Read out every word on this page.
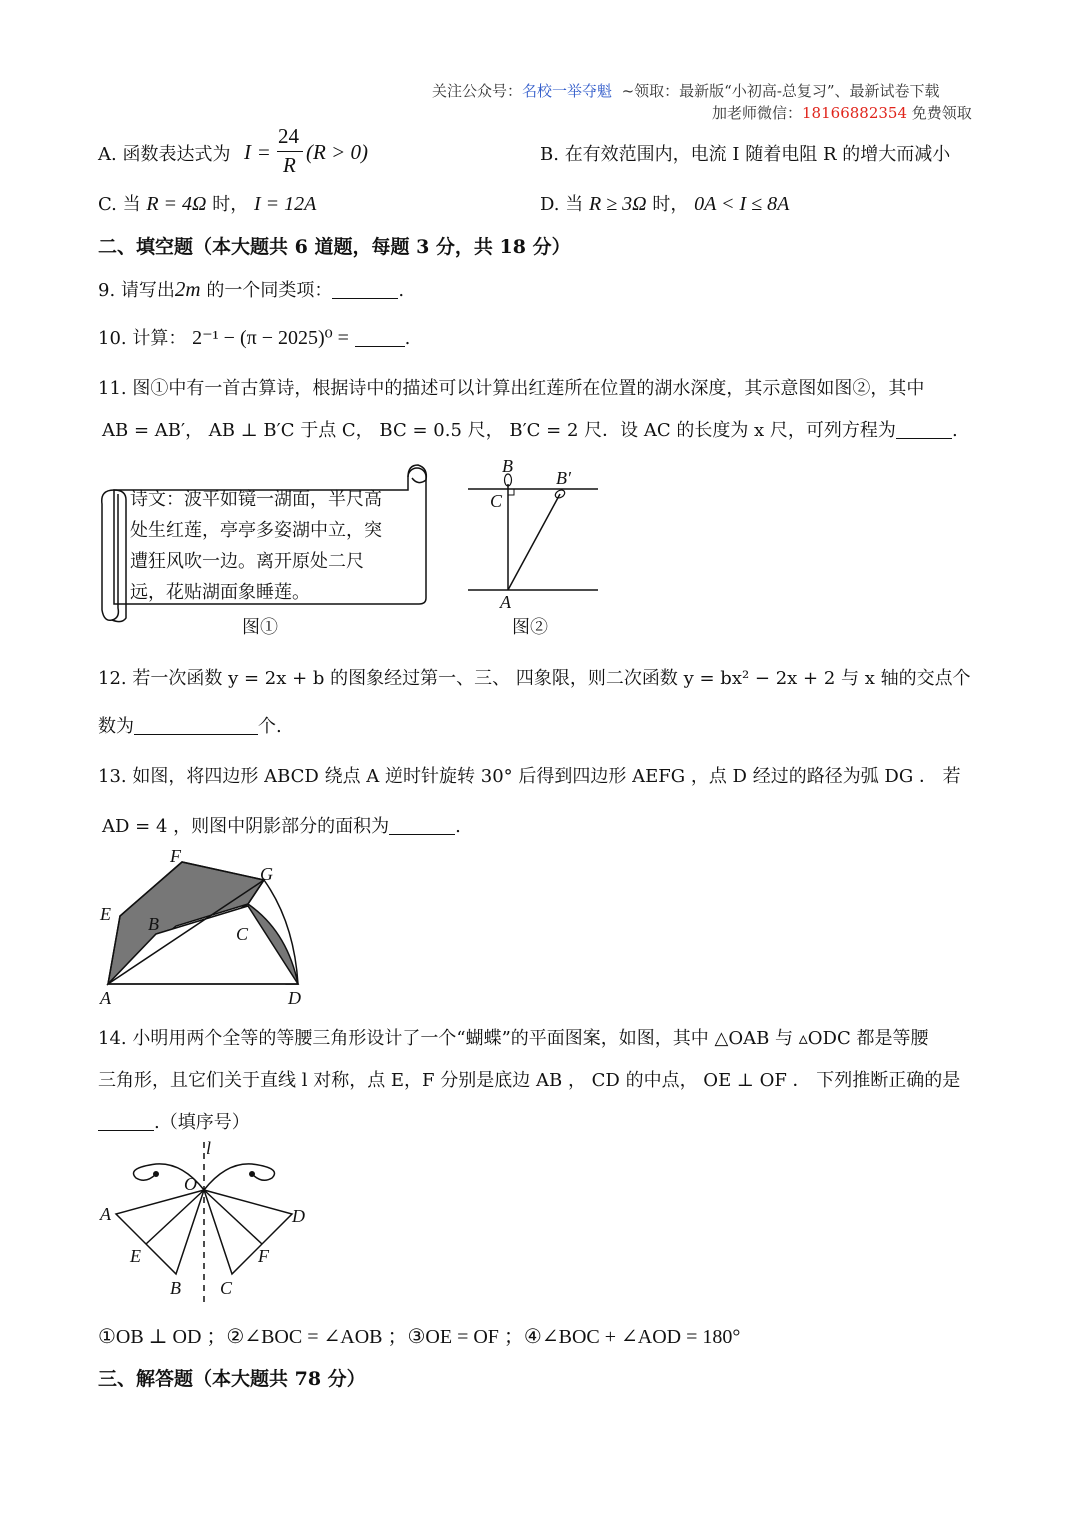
关注公众号：名校一举夺魁 ~领取：最新版“小初高-总复习”、最新试卷下载
加老师微信：18166882354 免费领取
A. 函数表达式为 I =
24
R
(R > 0)	B. 在有效范围内，电流 I 随着电阻 R 的增大而减小
C. 当 R = 4Ω 时， I = 12A	D. 当 R ≥ 3Ω 时， 0A < I ≤ 8A
二、填空题（本大题共 6 道题，每题 3 分，共 18 分）
9. 请写出2m 的一个同类项：	.
10. 计算： 2⁻¹ − (π − 2025)⁰ =	.
11. 图①中有一首古算诗，根据诗中的描述可以计算出红莲所在位置的湖水深度，其示意图如图②，其中
AB = AB′， AB ⊥ B′C 于点 C， BC = 0.5 尺， B′C = 2 尺．设 AC 的长度为 x 尺，可列方程为	.
诗文：波平如镜一湖面，半尺高
处生红莲，亭亭多姿湖中立，突
遭狂风吹一边。离开原处二尺
远，花贴湖面象睡莲。
图①
B
B′
C
A
图②
12. 若一次函数 y = 2x + b 的图象经过第一、三、 四象限，则二次函数 y = bx² − 2x + 2 与 x 轴的交点个
数为	个.
13. 如图，将四边形 ABCD 绕点 A 逆时针旋转 30° 后得到四边形 AEFG ，点 D 经过的路径为弧 DG ． 若
AD = 4 ，则图中阴影部分的面积为	.
A
B	C
D
E
F
G
14. 小明用两个全等的等腰三角形设计了一个“蝴蝶”的平面图案，如图，其中 △OAB 与 ▵ODC 都是等腰
三角形，且它们关于直线 l 对称，点 E，F 分别是底边 AB ， CD 的中点， OE ⊥ OF ． 下列推断正确的是
.（填序号）
l
O
A
E
B C
F
D
①OB ⊥ OD ；②∠BOC = ∠AOB ；③OE = OF ；④∠BOC + ∠AOD = 180°
三、解答题（本大题共 78 分）
